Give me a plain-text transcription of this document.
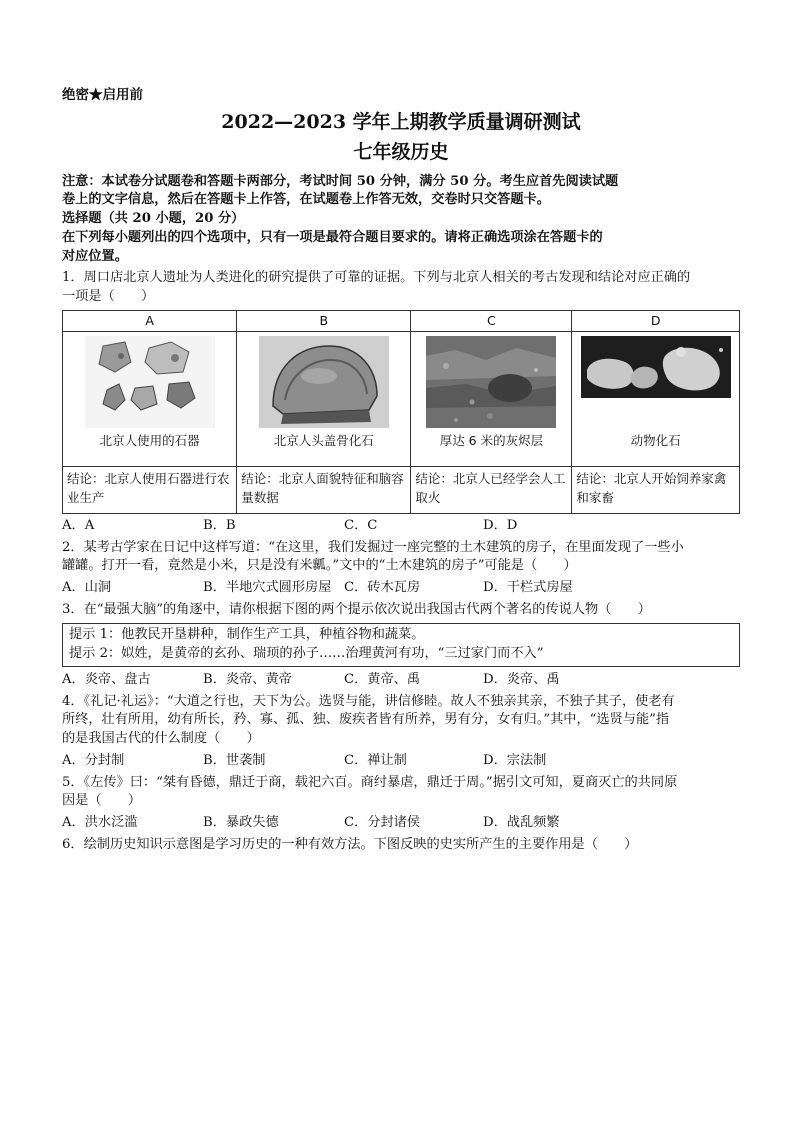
绝密★启用前
2022—2023 学年上期教学质量调研测试
七年级历史

注意：本试卷分试题卷和答题卡两部分，考试时间 50 分钟，满分 50 分。考生应首先阅读试题

卷上的文字信息，然后在答题卡上作答，在试题卷上作答无效，交卷时只交答题卡。

选择题（共 20 小题，20 分）

在下列每小题列出的四个选项中，只有一项是最符合题目要求的。请将正确选项涂在答题卡的

对应位置。

1．周口店北京人遗址为人类进化的研究提供了可靠的证据。下列与北京人相关的考古发现和结论对应正确的

一项是（　　）

A	B	C	D

北京人使用的石器	北京人头盖骨化石	厚达 6 米的灰烬层	动物化石

结论：北京人使用石器进行农业生产	结论：北京人面貌特征和脑容量数据	结论：北京人已经学会人工取火	结论：北京人开始饲养家禽和家畜
A．A	B．B	C．C	D．D

2．某考古学家在日记中这样写道：“在这里，我们发掘过一座完整的土木建筑的房子，在里面发现了一些小

罐罐。打开一看，竟然是小米，只是没有米瓤。”文中的“土木建筑的房子”可能是（　　）

A．山洞	B．半地穴式圆形房屋 C．砖木瓦房	D．干栏式房屋

3．在“最强大脑”的角逐中，请你根据下图的两个提示依次说出我国古代两个著名的传说人物（　　）

提示 1：他教民开垦耕种，制作生产工具，种植谷物和蔬菜。

提示 2：姒姓，是黄帝的玄孙、瑞顼的孙子……治理黄河有功，“三过家门而不入”

A．炎帝、盘古	B．炎帝、黄帝	C．黄帝、禹	D．炎帝、禹

4．《礼记·礼运》：“大道之行也，天下为公。选贤与能，讲信修睦。故人不独亲其亲，不独子其子，使老有

所终，壮有所用，幼有所长，矜、寡、孤、独、废疾者皆有所养，男有分，女有归。”其中，“选贤与能”指

的是我国古代的什么制度（　　）

A．分封制	B．世袭制	C．禅让制	D．宗法制

5．《左传》曰：“桀有昏德，鼎迁于商，载祀六百。商纣暴虐，鼎迁于周。”据引文可知，夏商灭亡的共同原

因是（　　）

A．洪水泛滥	B．暴政失德	C．分封诸侯	D．战乱频繁

6．绘制历史知识示意图是学习历史的一种有效方法。下图反映的史实所产生的主要作用是（　　）
